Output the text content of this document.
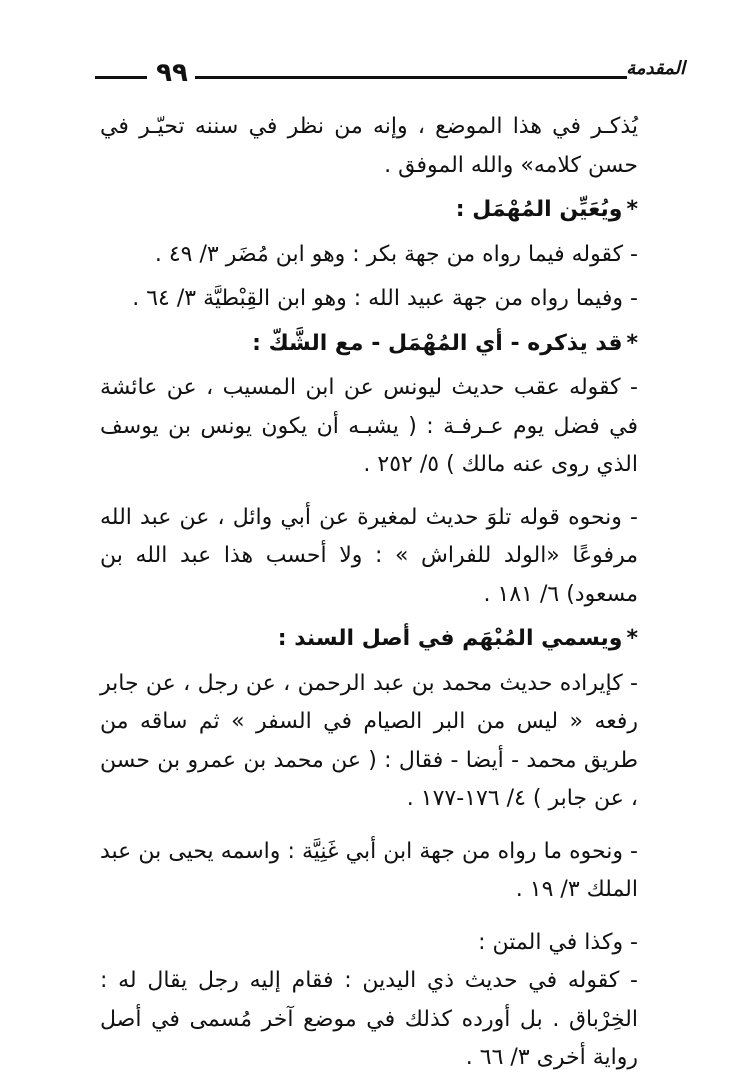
٩٩	المقدمة

يُذكـر في هذا الموضع ، وإنه من نظر في سننه تحيّـر في حسن كلامه» والله الموفق .

*ويُعَيِّن المُهْمَل :

- كقوله فيما رواه من جهة بكر : وهو ابن مُضَر ٣/ ٤٩ .

- وفيما رواه من جهة عبيد الله : وهو ابن القِبْطيَّة ٣/ ٦٤ .

*قد يذكره - أي المُهْمَل - مع الشَّكّ :

- كقوله عقب حديث ليونس عن ابن المسيب ، عن عائشة في فضل يوم عـرفـة : ( يشبـه أن يكون يونس بن يوسف الذي روى عنه مالك ) ٥/ ٢٥٢ .

- ونحوه قوله تلوَ حديث لمغيرة عن أبي وائل ، عن عبد الله مرفوعًا «الولد للفراش » : ولا أحسب هذا عبد الله بن مسعود) ٦/ ١٨١ .

*ويسمي المُبْهَم في أصل السند :

- كإيراده حديث محمد بن عبد الرحمن ، عن رجل ، عن جابر رفعه « ليس من البر الصيام في السفر » ثم ساقه من طريق محمد - أيضا - فقال : ( عن محمد بن عمرو بن حسن ، عن جابر ) ٤/ ١٧٦-١٧٧ .

- ونحوه ما رواه من جهة ابن أبي غَنِيَّة : واسمه يحيى بن عبد الملك ٣/ ١٩ .

- وكذا في المتن :

- كقوله في حديث ذي اليدين : فقام إليه رجل يقال له : الخِرْباق . بل أورده كذلك في موضع آخر مُسمى في أصل رواية أخرى ٣/ ٦٦ .
